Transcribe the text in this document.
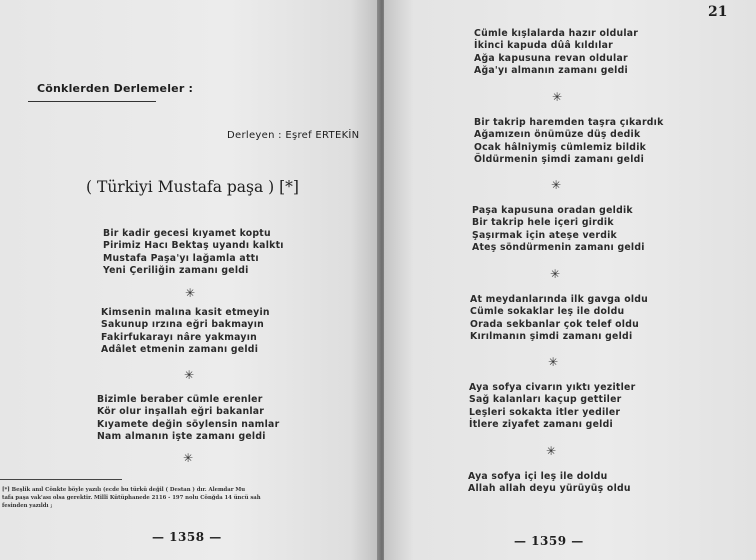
Cönklerden Derlemeler :
Derleyen : Eşref ERTEKİN
( Türkiyi Mustafa paşa ) [*]
Bir kadir gecesi kıyamet koptu
Pirimiz Hacı Bektaş uyandı kalktı
Mustafa Paşa'yı lağamla attı
Yeni Çeriliğin zamanı geldi
✳
Kimsenin malına kasit etmeyin
Sakunup ırzına eğri bakmayın
Fakirfukarayı nâre yakmayın
Adâlet etmenin zamanı geldi
✳
Bizimle beraber cümle erenler
Kör olur inşallah eğri bakanlar
Kıyamete değin söylensin namlar
Nam almanın işte zamanı geldi
✳
[*] Beşlik anıl Cönkte böyle yazılı (ecde bu türkü değil ( Destan ) dır. Alemdar Mu
tafa paşa vak'ası olsa gerektir. Millî Kütüphanede 2116 - 197 nolu Cönğda 14 üncü sah
fesinden yazıldı ;
— 1358 —
Cümle kışlalarda hazır oldular
İkinci kapuda dûâ kıldılar
Ağa kapusuna revan oldular
Ağa'yı almanın zamanı geldi
✳
Bir takrip haremden taşra çıkardık
Ağamızeın önümüze düş dedik
Ocak hâlniymiş cümlemiz bildik
Öldürmenin şimdi zamanı geldi
✳
Paşa kapusuna oradan geldik
Bir takrip hele içeri girdik
Şaşırmak için ateşe verdik
Ateş söndürmenin zamanı geldi
✳
At meydanlarında ilk gavga oldu
Cümle sokaklar leş ile doldu
Orada sekbanlar çok telef oldu
Kırılmanın şimdi zamanı geldi
✳
Aya sofya civarın yıktı yezitler
Sağ kalanları kaçup gettiler
Leşleri sokakta itler yediler
İtlere ziyafet zamanı geldi
✳
Aya sofya içi leş ile doldu
Allah allah deyu yürüyüş oldu
— 1359 —
21
